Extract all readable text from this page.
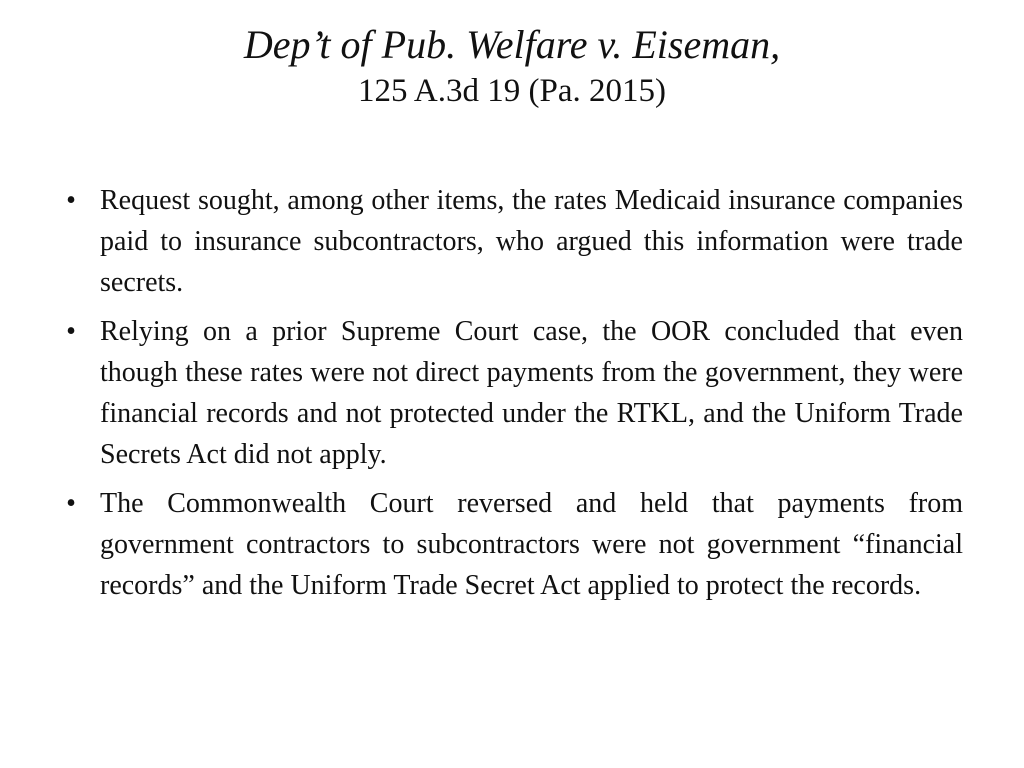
Dep’t of Pub. Welfare v. Eiseman,

125 A.3d 19 (Pa. 2015)

• Request sought, among other items, the rates Medicaid insurance companies paid to insurance subcontractors, who argued this information were trade secrets.
• Relying on a prior Supreme Court case, the OOR concluded that even though these rates were not direct payments from the government, they were financial records and not protected under the RTKL, and the Uniform Trade Secrets Act did not apply.
• The Commonwealth Court reversed and held that payments from government contractors to subcontractors were not government “financial records” and the Uniform Trade Secret Act applied to protect the records.
